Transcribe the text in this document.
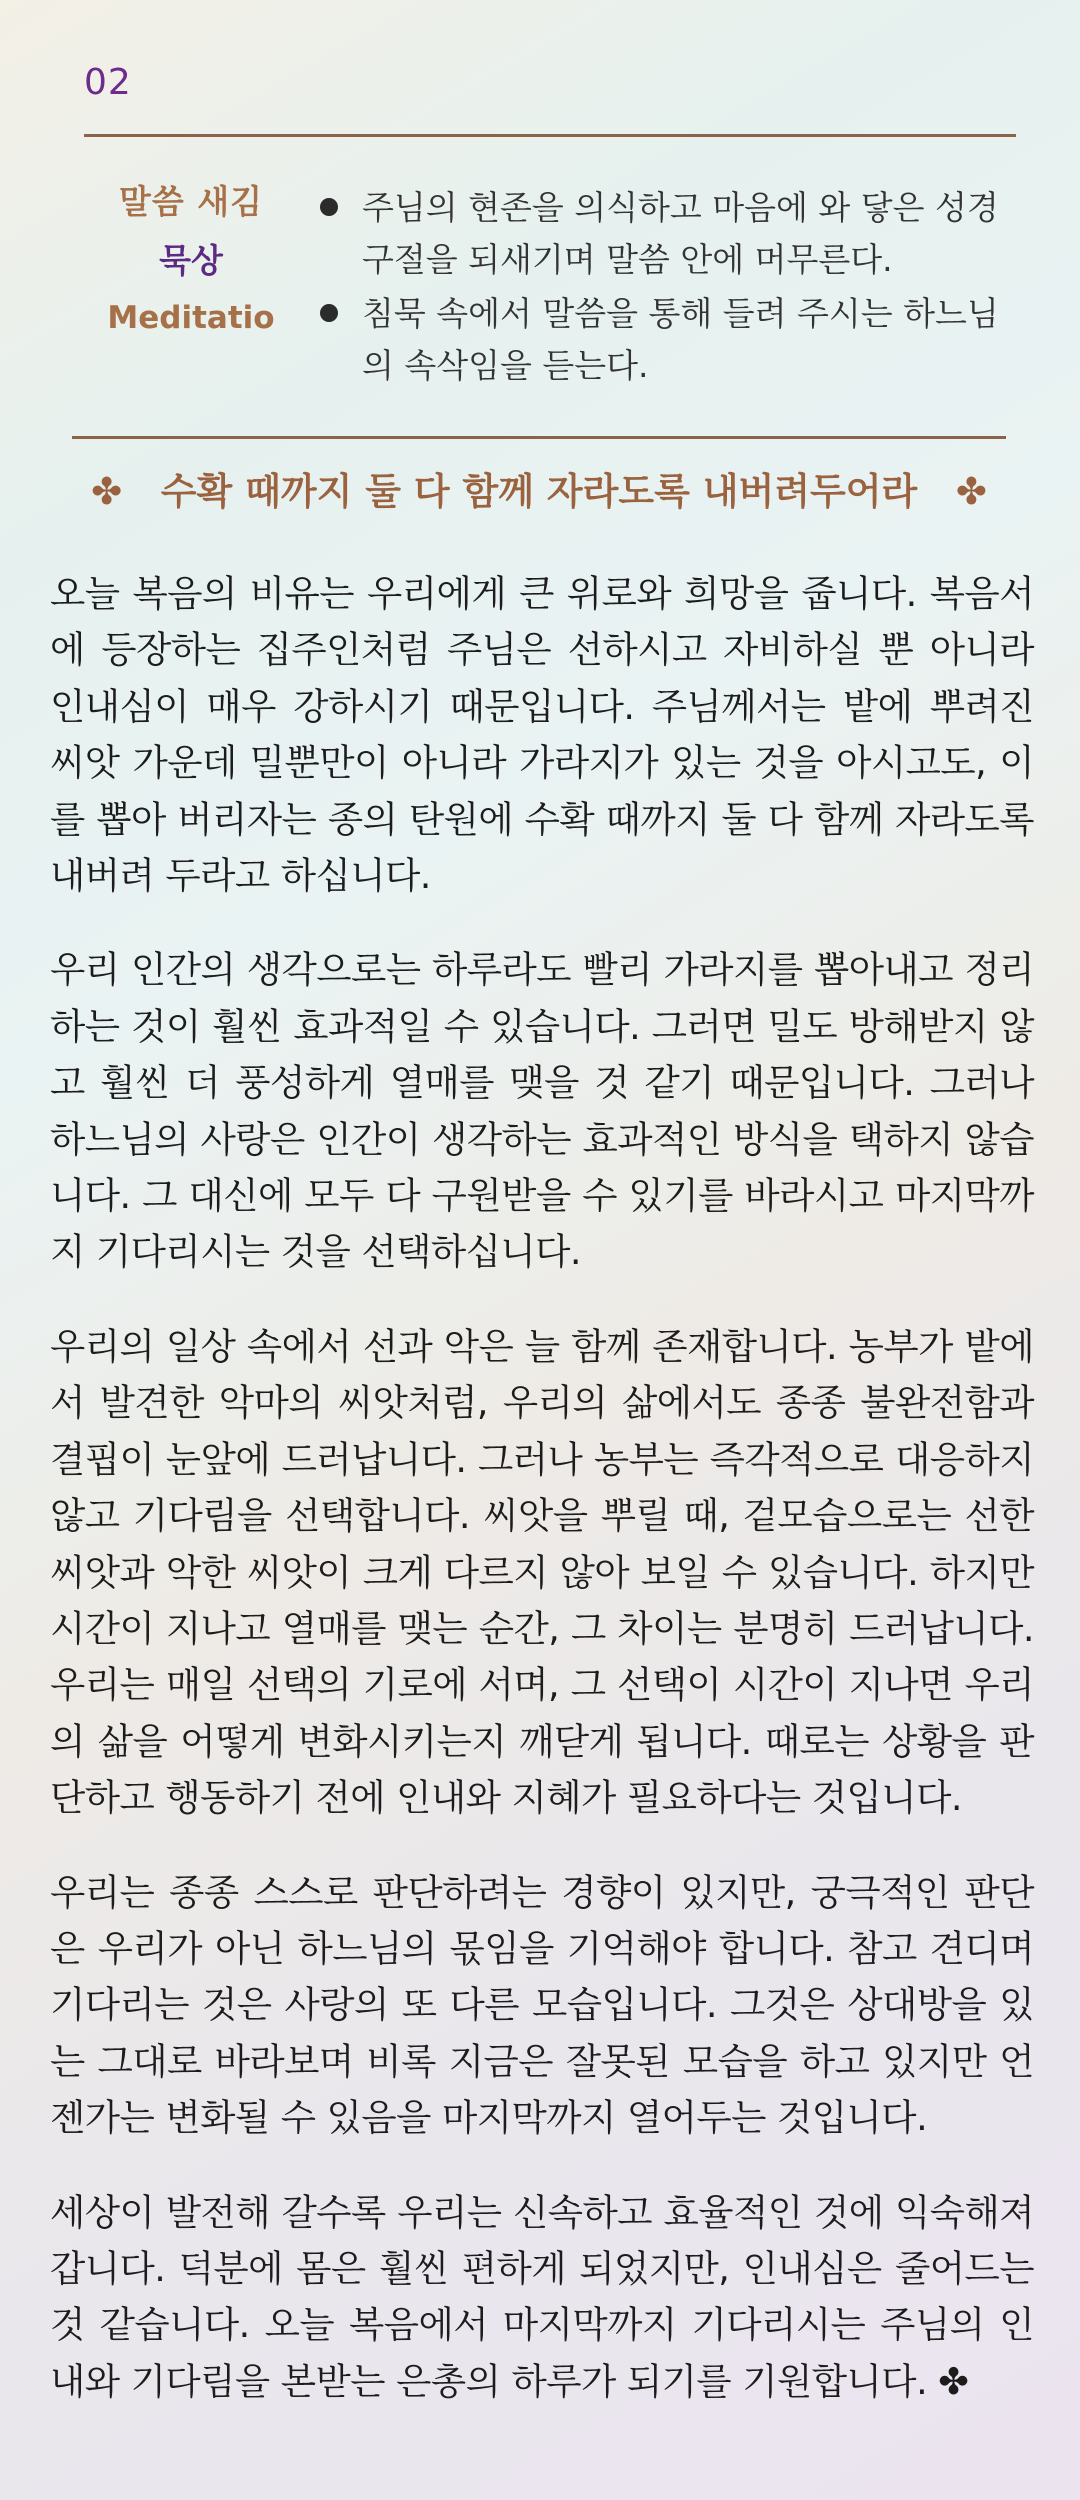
02
말씀 새김
묵상
Meditatio
주님의 현존을 의식하고 마음에 와 닿은 성경구절을 되새기며 말씀 안에 머무른다.
침묵 속에서 말씀을 통해 들려 주시는 하느님의 속삭임을 듣는다.
✤ 수확 때까지 둘 다 함께 자라도록 내버려두어라 ✤

오늘 복음의 비유는 우리에게 큰 위로와 희망을 줍니다. 복음서에 등장하는 집주인처럼 주님은 선하시고 자비하실 뿐 아니라 인내심이 매우 강하시기 때문입니다. 주님께서는 밭에 뿌려진 씨앗 가운데 밀뿐만이 아니라 가라지가 있는 것을 아시고도, 이를 뽑아 버리자는 종의 탄원에 수확 때까지 둘 다 함께 자라도록 내버려 두라고 하십니다.

우리 인간의 생각으로는 하루라도 빨리 가라지를 뽑아내고 정리하는 것이 훨씬 효과적일 수 있습니다. 그러면 밀도 방해받지 않고 훨씬 더 풍성하게 열매를 맺을 것 같기 때문입니다. 그러나 하느님의 사랑은 인간이 생각하는 효과적인 방식을 택하지 않습니다. 그 대신에 모두 다 구원받을 수 있기를 바라시고 마지막까지 기다리시는 것을 선택하십니다.

우리의 일상 속에서 선과 악은 늘 함께 존재합니다. 농부가 밭에서 발견한 악마의 씨앗처럼, 우리의 삶에서도 종종 불완전함과 결핍이 눈앞에 드러납니다. 그러나 농부는 즉각적으로 대응하지 않고 기다림을 선택합니다. 씨앗을 뿌릴 때, 겉모습으로는 선한 씨앗과 악한 씨앗이 크게 다르지 않아 보일 수 있습니다. 하지만 시간이 지나고 열매를 맺는 순간, 그 차이는 분명히 드러납니다. 우리는 매일 선택의 기로에 서며, 그 선택이 시간이 지나면 우리의 삶을 어떻게 변화시키는지 깨닫게 됩니다. 때로는 상황을 판단하고 행동하기 전에 인내와 지혜가 필요하다는 것입니다.

우리는 종종 스스로 판단하려는 경향이 있지만, 궁극적인 판단은 우리가 아닌 하느님의 몫임을 기억해야 합니다. 참고 견디며 기다리는 것은 사랑의 또 다른 모습입니다. 그것은 상대방을 있는 그대로 바라보며 비록 지금은 잘못된 모습을 하고 있지만 언젠가는 변화될 수 있음을 마지막까지 열어두는 것입니다.

세상이 발전해 갈수록 우리는 신속하고 효율적인 것에 익숙해져 갑니다. 덕분에 몸은 훨씬 편하게 되었지만, 인내심은 줄어드는 것 같습니다. 오늘 복음에서 마지막까지 기다리시는 주님의 인내와 기다림을 본받는 은총의 하루가 되기를 기원합니다. ✤
